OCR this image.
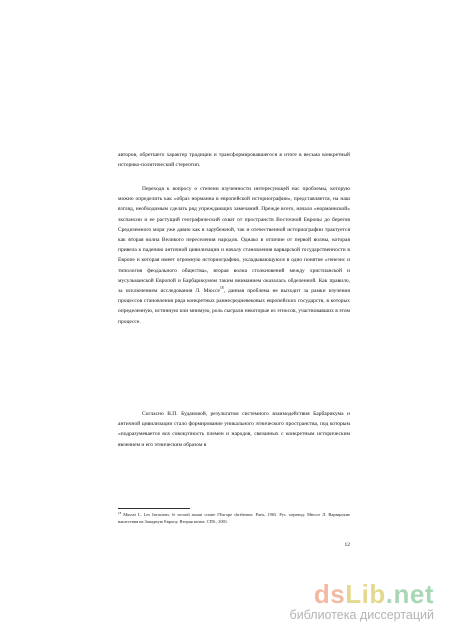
авторов, обретшего характер традиции и трансформировавшегося в итоге в весьма конкретный историко-политический стереотип.

Переходя к вопросу о степени изученности интересующей нас проблемы, которую можно определить как «образ норманна в европейской историографии», представляется, на наш взгляд, необходимым сделать ряд упреждающих замечаний. Прежде всего, начало «норманнской» экспансии и ее растущий географический охват от пространств Восточной Европы до берегов Средиземного моря уже давно как в зарубежной, так и отечественной историографии трактуется как вторая волна Великого переселения народов. Однако в отличие от первой волны, которая привела к падению античной цивилизации и началу становления варварской государственности в Европе и которая имеет огромную историографию, укладывающуюся в одно понятие «генезис и типология феодального общества», вторая волна столкновений между христианской и мусульманской Европой и Барбарикумом таким вниманием оказалась обделенной. Как правило, за исключением исследования Л. Мюссе$^{18}$, данная проблема не выходит за рамки изучения процессов становления ряда конкретных раннесредневековых европейских государств, в которых определенную, истинную или мнимую, роль сыграли некоторые из этносов, участвовавших в этом процессе.

Согласно В.П. Будановой, результатом системного взаимодействия Барбарикума и античной цивилизации стало формирование уникального этнического пространства, под которым «подразумевается вся совокупность племен и народов, связанных с конкретным историческим явлением и его этническим образом в

$^{18}$ Musset L. Les Invasions: le second assaut contre l'Europe chrétienne. Paris, 1965. Рус. перевод: Мюссе Л. Варварские нашествия на Западную Европу. Вторая волна. СПб., 2001.
12
dsLib.net
библиотека диссертаций
